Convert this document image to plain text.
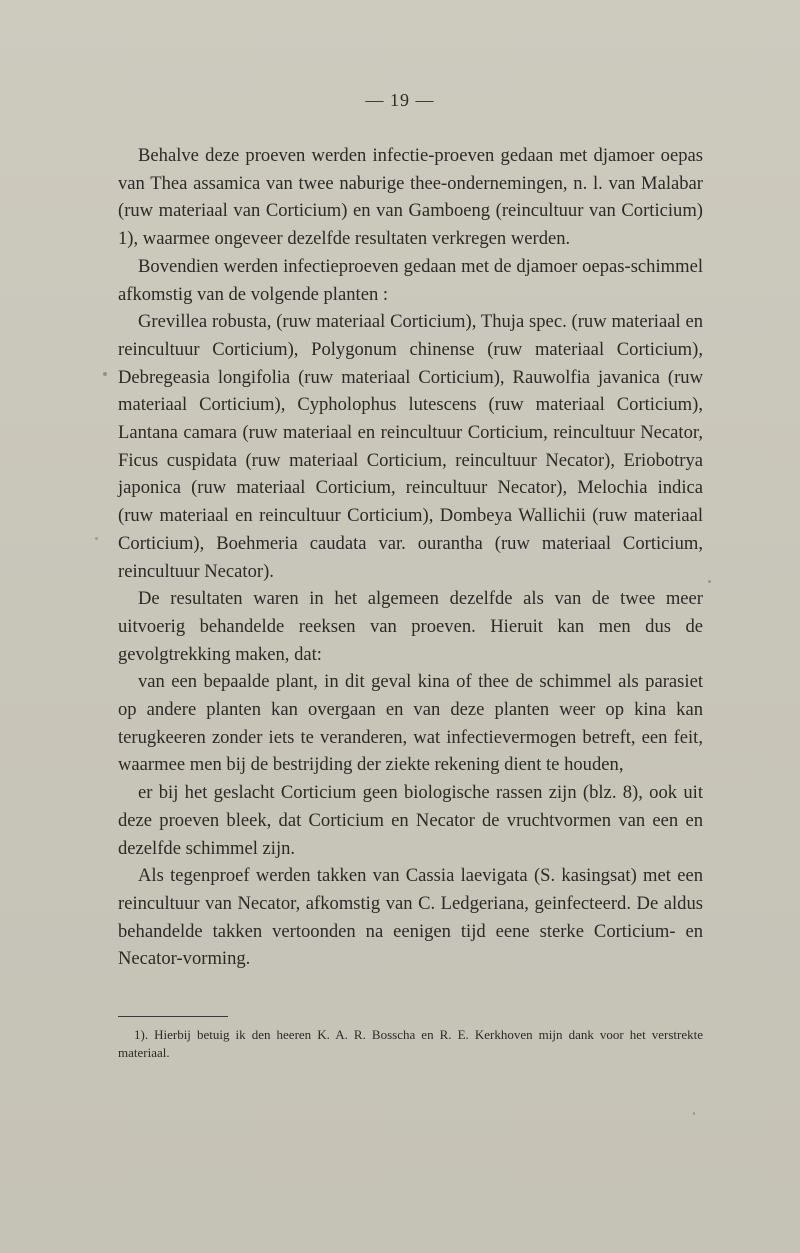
— 19 —

Behalve deze proeven werden infectie-proeven gedaan met djamoer oepas van Thea assamica van twee naburige thee-ondernemingen, n. l. van Malabar (ruw materiaal van Corticium) en van Gamboeng (reincultuur van Corticium) 1), waarmee ongeveer dezelfde resultaten verkregen werden.

Bovendien werden infectieproeven gedaan met de djamoer oepas-schimmel afkomstig van de volgende planten :

Grevillea robusta, (ruw materiaal Corticium), Thuja spec. (ruw materiaal en reincultuur Corticium), Polygonum chinense (ruw materiaal Corticium), Debregeasia longifolia (ruw materiaal Corticium), Rauwolfia javanica (ruw materiaal Corticium), Cypholophus lutescens (ruw materiaal Corticium), Lantana camara (ruw materiaal en reincultuur Corticium, reincultuur Necator, Ficus cuspidata (ruw materiaal Corticium, reincultuur Necator), Eriobotrya japonica (ruw materiaal Corticium, reincultuur Necator), Melochia indica (ruw materiaal en reincultuur Corticium), Dombeya Wallichii (ruw materiaal Corticium), Boehmeria caudata var. ourantha (ruw materiaal Corticium, reincultuur Necator).

De resultaten waren in het algemeen dezelfde als van de twee meer uitvoerig behandelde reeksen van proeven. Hieruit kan men dus de gevolgtrekking maken, dat:

van een bepaalde plant, in dit geval kina of thee de schimmel als parasiet op andere planten kan overgaan en van deze planten weer op kina kan terugkeeren zonder iets te veranderen, wat infectievermogen betreft, een feit, waarmee men bij de bestrijding der ziekte rekening dient te houden,

er bij het geslacht Corticium geen biologische rassen zijn (blz. 8), ook uit deze proeven bleek, dat Corticium en Necator de vruchtvormen van een en dezelfde schimmel zijn.

Als tegenproef werden takken van Cassia laevigata (S. kasingsat) met een reincultuur van Necator, afkomstig van C. Ledgeriana, geinfecteerd. De aldus behandelde takken vertoonden na eenigen tijd eene sterke Corticium- en Necator-vorming.

1). Hierbij betuig ik den heeren K. A. R. Bosscha en R. E. Kerkhoven mijn dank voor het verstrekte materiaal.
